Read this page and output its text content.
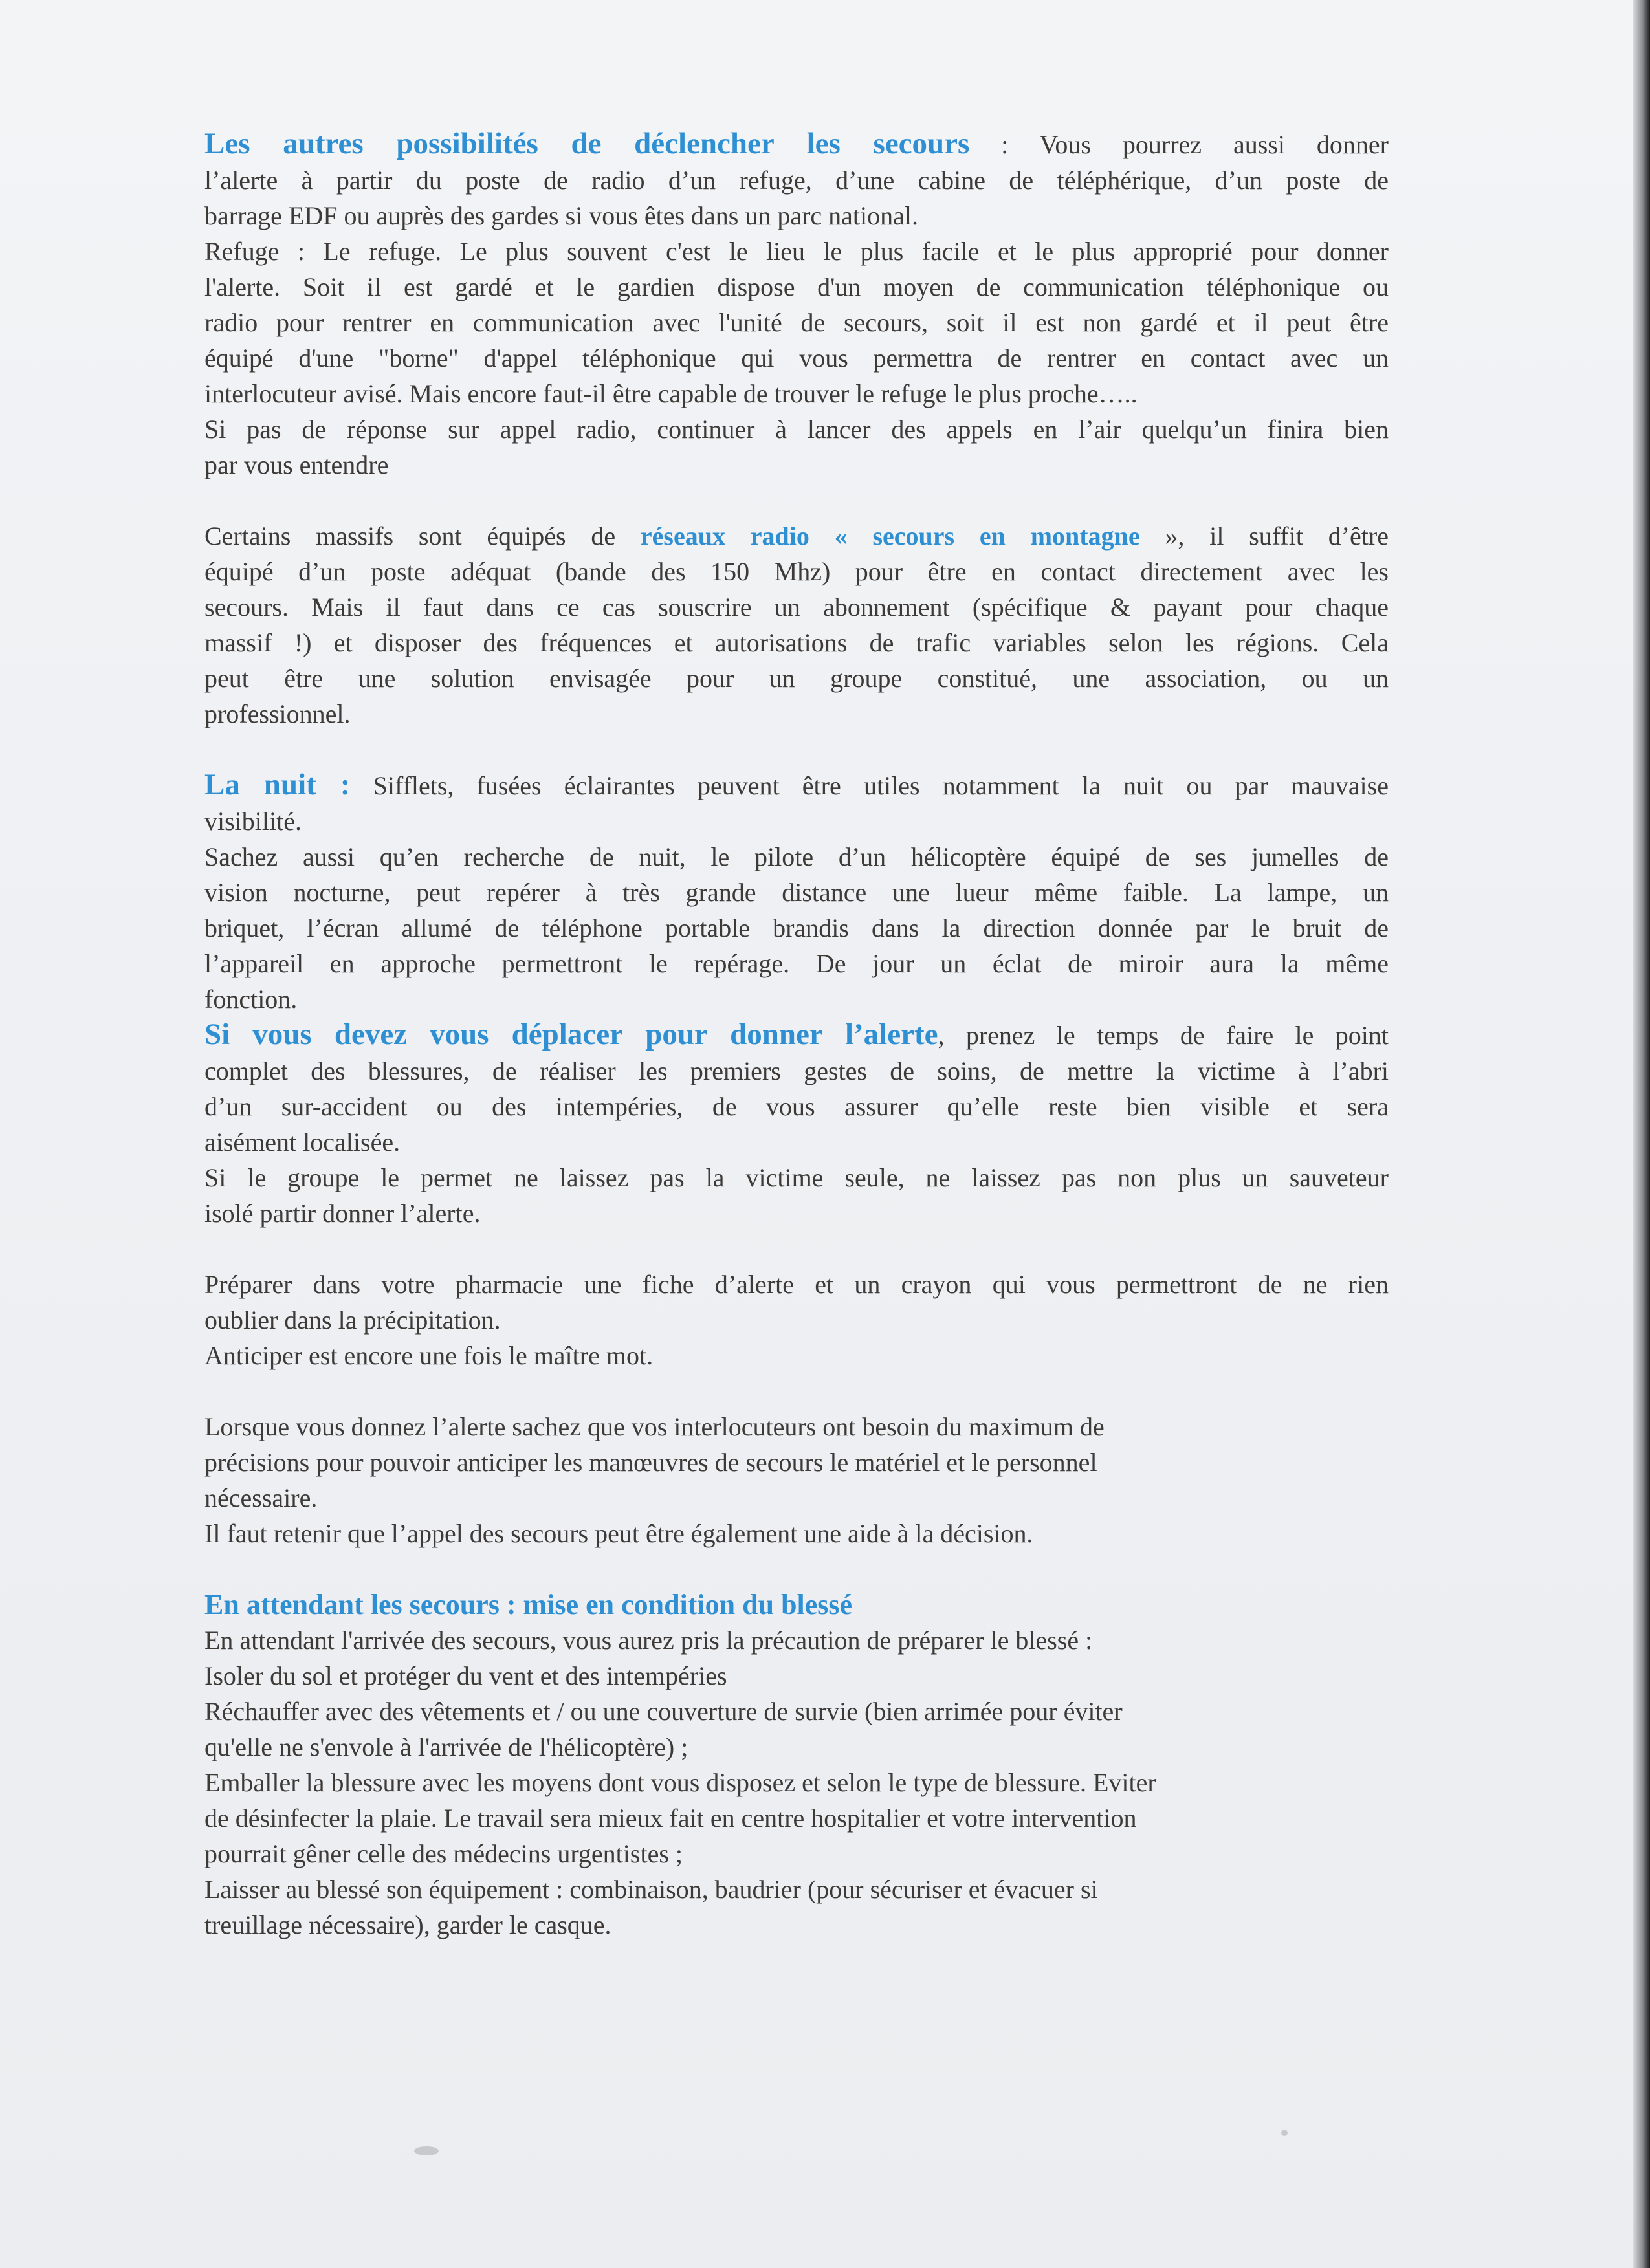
Les autres possibilités de déclencher les secours : Vous pourrez aussi donner
l’alerte à partir du poste de radio d’un refuge, d’une cabine de téléphérique, d’un poste de
barrage EDF ou auprès des gardes si vous êtes dans un parc national.
Refuge : Le refuge. Le plus souvent c'est le lieu le plus facile et le plus approprié pour donner
l'alerte. Soit il est gardé et le gardien dispose d'un moyen de communication téléphonique ou
radio pour rentrer en communication avec l'unité de secours, soit il est non gardé et il peut être
équipé d'une "borne" d'appel téléphonique qui vous permettra de rentrer en contact avec un
interlocuteur avisé. Mais encore faut-il être capable de trouver le refuge le plus proche…..
Si pas de réponse sur appel radio, continuer à lancer des appels en l’air quelqu’un finira bien
par vous entendre
Certains massifs sont équipés de réseaux radio « secours en montagne », il suffit d’être
équipé d’un poste adéquat (bande des 150 Mhz) pour être en contact directement avec les
secours. Mais il faut dans ce cas souscrire un abonnement (spécifique & payant pour chaque
massif !) et disposer des fréquences et autorisations de trafic variables selon les régions. Cela
peut être une solution envisagée pour un groupe constitué, une association, ou un
professionnel.
La nuit : Sifflets, fusées éclairantes peuvent être utiles notamment la nuit ou par mauvaise
visibilité.
Sachez aussi qu’en recherche de nuit, le pilote d’un hélicoptère équipé de ses jumelles de
vision nocturne, peut repérer à très grande distance une lueur même faible. La lampe, un
briquet, l’écran allumé de téléphone portable brandis dans la direction donnée par le bruit de
l’appareil en approche permettront le repérage. De jour un éclat de miroir aura la même
fonction.
Si vous devez vous déplacer pour donner l’alerte, prenez le temps de faire le point
complet des blessures, de réaliser les premiers gestes de soins, de mettre la victime à l’abri
d’un sur-accident ou des intempéries, de vous assurer qu’elle reste bien visible et sera
aisément localisée.
Si le groupe le permet ne laissez pas la victime seule, ne laissez pas non plus un sauveteur
isolé partir donner l’alerte.
Préparer dans votre pharmacie une fiche d’alerte et un crayon qui vous permettront de ne rien
oublier dans la précipitation.
Anticiper est encore une fois le maître mot.
Lorsque vous donnez l’alerte sachez que vos interlocuteurs ont besoin du maximum de
précisions pour pouvoir anticiper les manœuvres de secours le matériel et le personnel
nécessaire.
Il faut retenir que l’appel des secours peut être également une aide à la décision.
En attendant les secours : mise en condition du blessé
En attendant l'arrivée des secours, vous aurez pris la précaution de préparer le blessé :
Isoler du sol et protéger du vent et des intempéries
Réchauffer avec des vêtements et / ou une couverture de survie (bien arrimée pour éviter
qu'elle ne s'envole à l'arrivée de l'hélicoptère) ;
Emballer la blessure avec les moyens dont vous disposez et selon le type de blessure. Eviter
de désinfecter la plaie. Le travail sera mieux fait en centre hospitalier et votre intervention
pourrait gêner celle des médecins urgentistes ;
Laisser au blessé son équipement : combinaison, baudrier (pour sécuriser et évacuer si
treuillage nécessaire), garder le casque.
